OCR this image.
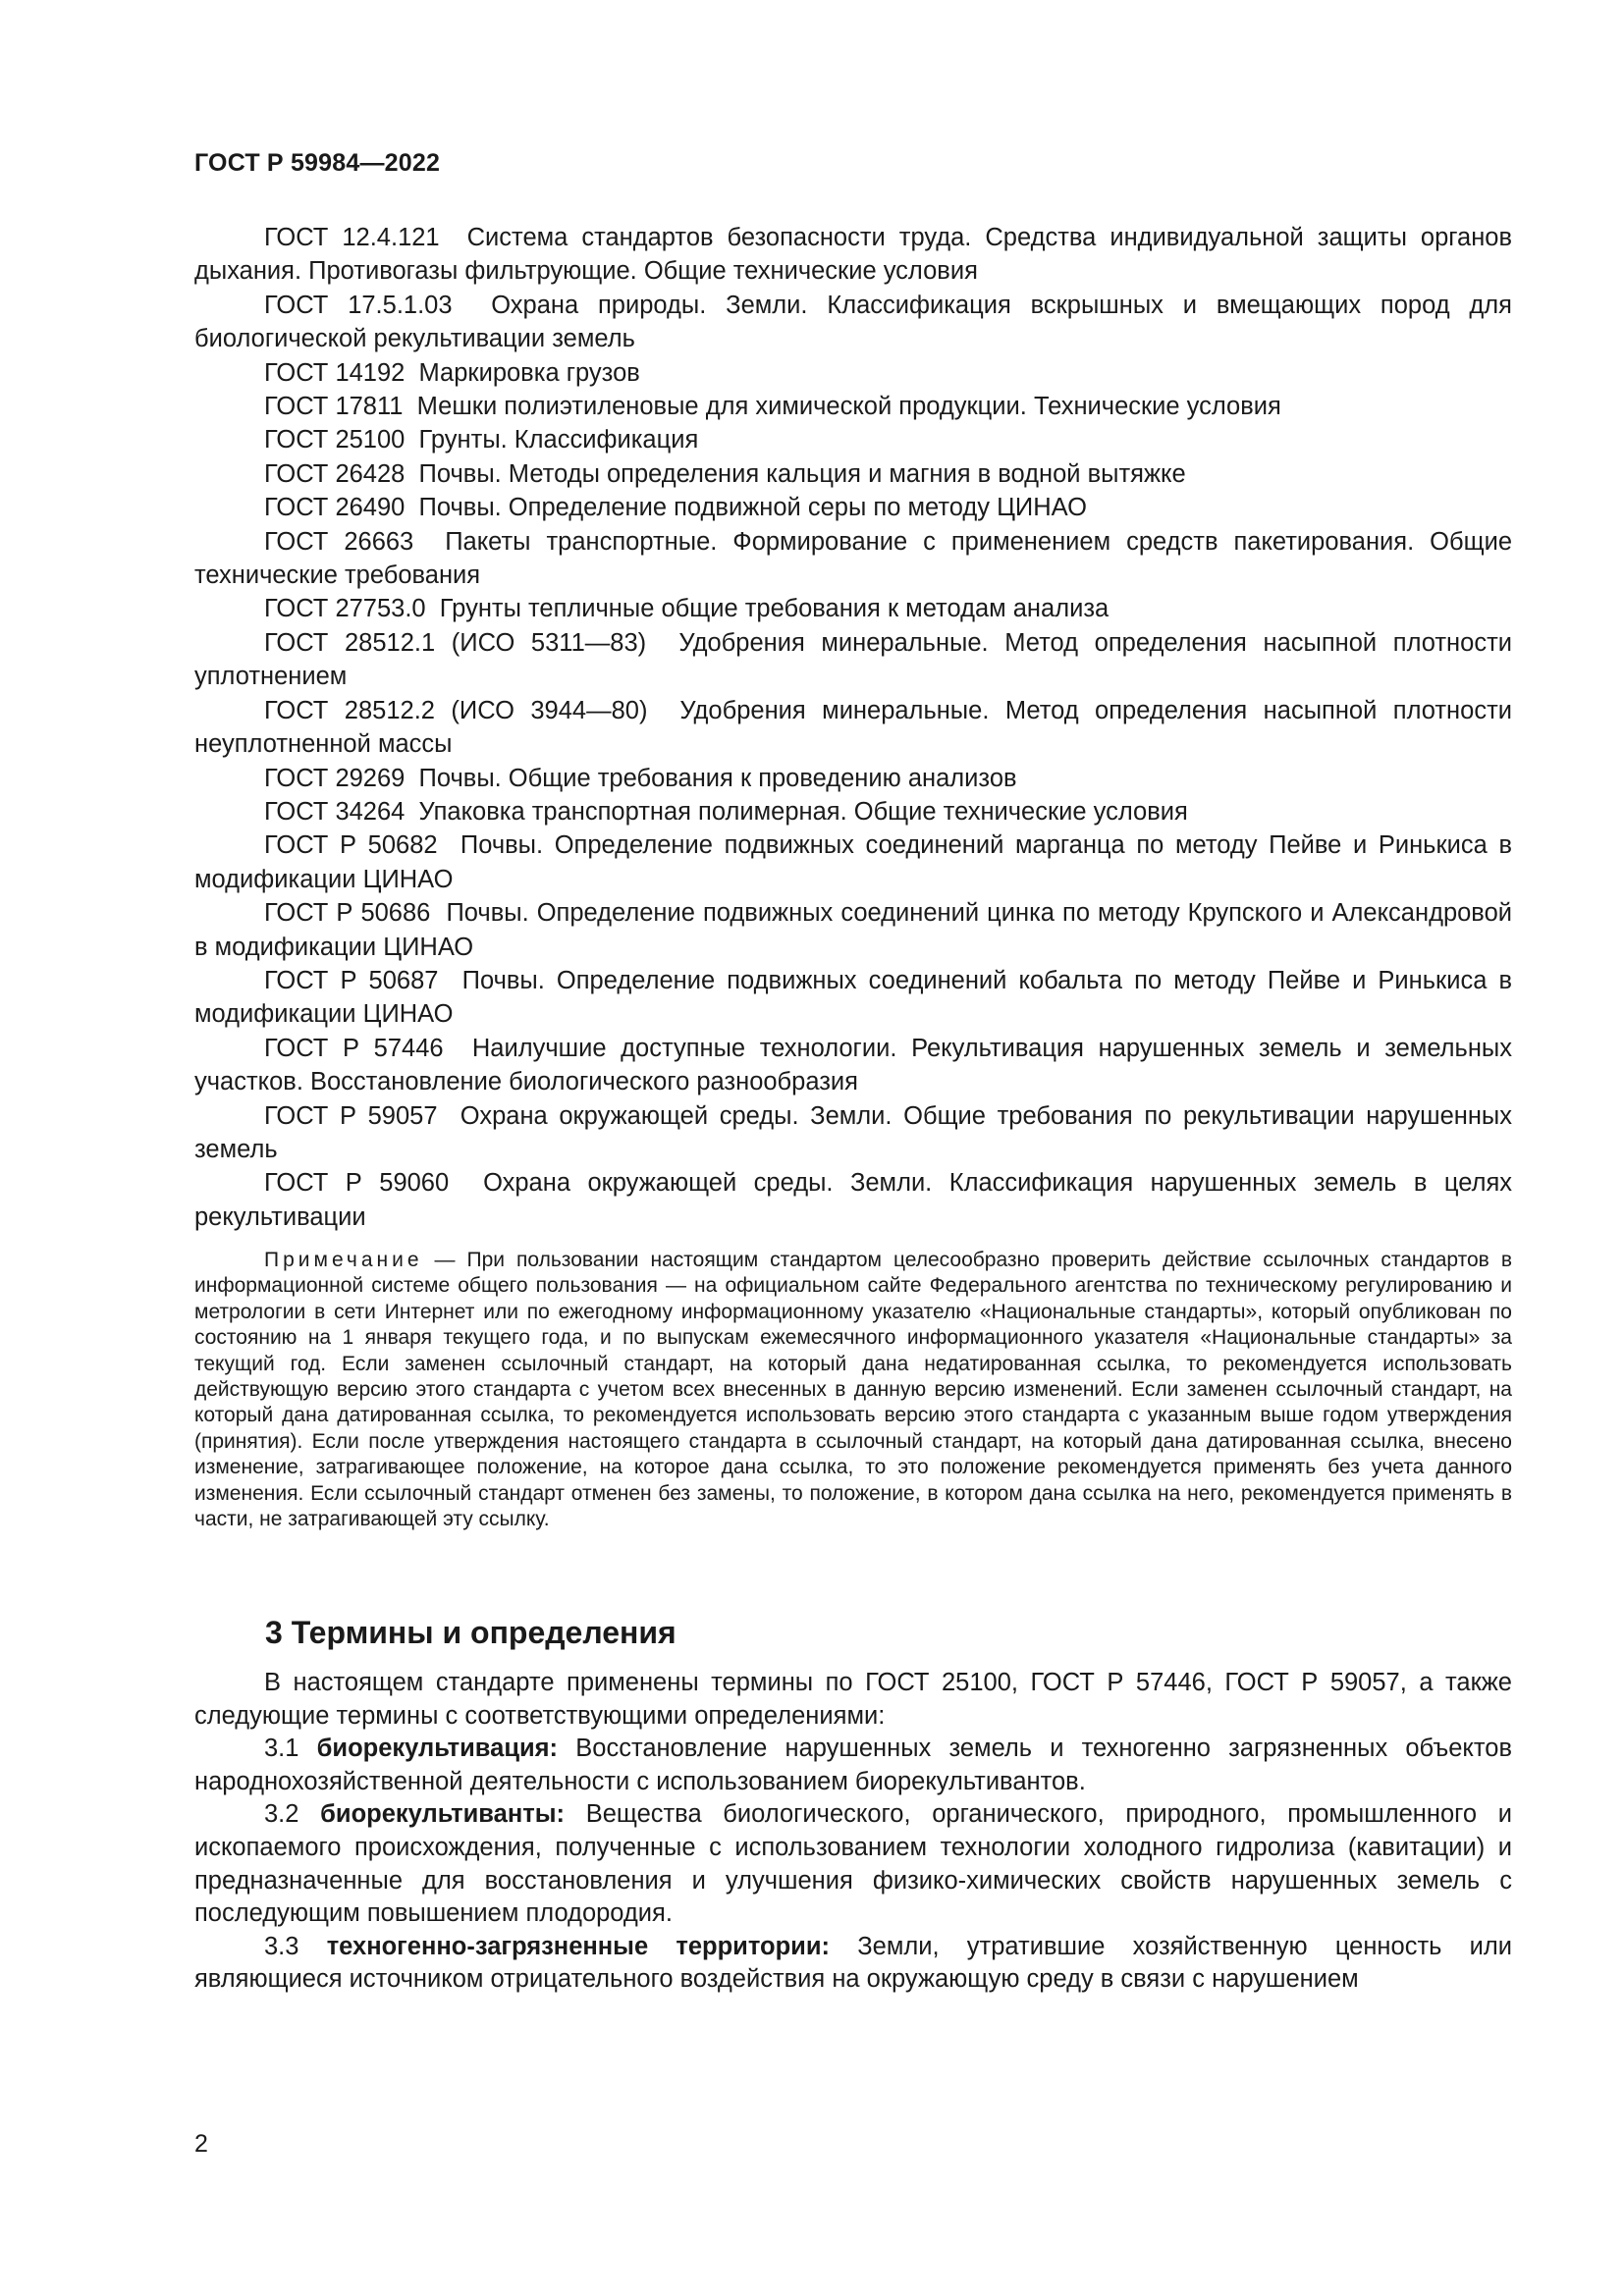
ГОСТ Р 59984—2022

ГОСТ 12.4.121 Система стандартов безопасности труда. Средства индивидуальной защиты органов дыхания. Противогазы фильтрующие. Общие технические условия

ГОСТ 17.5.1.03 Охрана природы. Земли. Классификация вскрышных и вмещающих пород для биологической рекультивации земель

ГОСТ 14192 Маркировка грузов

ГОСТ 17811 Мешки полиэтиленовые для химической продукции. Технические условия

ГОСТ 25100 Грунты. Классификация

ГОСТ 26428 Почвы. Методы определения кальция и магния в водной вытяжке

ГОСТ 26490 Почвы. Определение подвижной серы по методу ЦИНАО

ГОСТ 26663 Пакеты транспортные. Формирование с применением средств пакетирования. Общие технические требования

ГОСТ 27753.0 Грунты тепличные общие требования к методам анализа

ГОСТ 28512.1 (ИСО 5311—83) Удобрения минеральные. Метод определения насыпной плотности уплотнением

ГОСТ 28512.2 (ИСО 3944—80) Удобрения минеральные. Метод определения насыпной плотности неуплотненной массы

ГОСТ 29269 Почвы. Общие требования к проведению анализов

ГОСТ 34264 Упаковка транспортная полимерная. Общие технические условия

ГОСТ Р 50682 Почвы. Определение подвижных соединений марганца по методу Пейве и Ринькиса в модификации ЦИНАО

ГОСТ Р 50686 Почвы. Определение подвижных соединений цинка по методу Крупского и Александровой в модификации ЦИНАО

ГОСТ Р 50687 Почвы. Определение подвижных соединений кобальта по методу Пейве и Ринькиса в модификации ЦИНАО

ГОСТ Р 57446 Наилучшие доступные технологии. Рекультивация нарушенных земель и земельных участков. Восстановление биологического разнообразия

ГОСТ Р 59057 Охрана окружающей среды. Земли. Общие требования по рекультивации нарушенных земель

ГОСТ Р 59060 Охрана окружающей среды. Земли. Классификация нарушенных земель в целях рекультивации

Примечание — При пользовании настоящим стандартом целесообразно проверить действие ссылочных стандартов в информационной системе общего пользования — на официальном сайте Федерального агентства по техническому регулированию и метрологии в сети Интернет или по ежегодному информационному указателю «Национальные стандарты», который опубликован по состоянию на 1 января текущего года, и по выпускам ежемесячного информационного указателя «Национальные стандарты» за текущий год. Если заменен ссылочный стандарт, на который дана недатированная ссылка, то рекомендуется использовать действующую версию этого стандарта с учетом всех внесенных в данную версию изменений. Если заменен ссылочный стандарт, на который дана датированная ссылка, то рекомендуется использовать версию этого стандарта с указанным выше годом утверждения (принятия). Если после утверждения настоящего стандарта в ссылочный стандарт, на который дана датированная ссылка, внесено изменение, затрагивающее положение, на которое дана ссылка, то это положение рекомендуется применять без учета данного изменения. Если ссылочный стандарт отменен без замены, то положение, в котором дана ссылка на него, рекомендуется применять в части, не затрагивающей эту ссылку.

3 Термины и определения

В настоящем стандарте применены термины по ГОСТ 25100, ГОСТ Р 57446, ГОСТ Р 59057, а также следующие термины с соответствующими определениями:

3.1 биорекультивация: Восстановление нарушенных земель и техногенно загрязненных объектов народнохозяйственной деятельности с использованием биорекультивантов.

3.2 биорекультиванты: Вещества биологического, органического, природного, промышленного и ископаемого происхождения, полученные с использованием технологии холодного гидролиза (кавитации) и предназначенные для восстановления и улучшения физико-химических свойств нарушенных земель с последующим повышением плодородия.

3.3 техногенно-загрязненные территории: Земли, утратившие хозяйственную ценность или являющиеся источником отрицательного воздействия на окружающую среду в связи с нарушением

2
